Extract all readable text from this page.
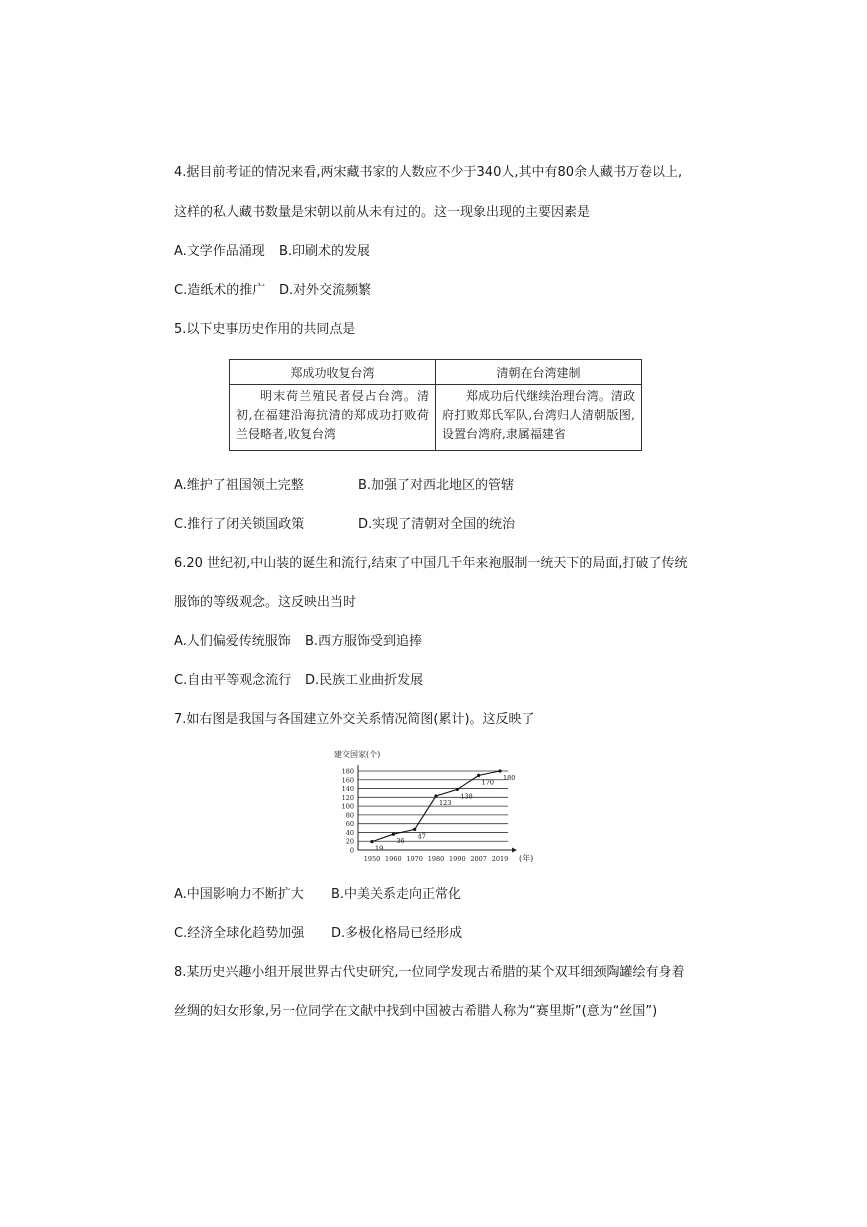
4.据目前考证的情况来看,两宋藏书家的人数应不少于340人,其中有80余人藏书万卷以上,
这样的私人藏书数量是宋朝以前从未有过的。这一现象出现的主要因素是
A.文学作品涌现 B.印刷术的发展
C.造纸术的推广 D.对外交流频繁
5.以下史事历史作用的共同点是
郑成功收复台湾	清朝在台湾建制
明末荷兰殖民者侵占台湾。清初,在福建沿海抗清的郑成功打败荷兰侵略者,收复台湾	郑成功后代继续治理台湾。清政府打败郑氏军队,台湾归人清朝版图,设置台湾府,隶属福建省
A.维护了祖国领土完整	B.加强了对西北地区的管辖
C.推行了闭关锁国政策	D.实现了清朝对全国的统治
6.20 世纪初,中山装的诞生和流行,结束了中国几千年来袍服制一统天下的局面,打破了传统
服饰的等级观念。这反映出当时
A.人们偏爱传统服饰 B.西方服饰受到追捧
C.自由平等观念流行 D.民族工业曲折发展
7.如右图是我国与各国建立外交关系情况简图(累计)。这反映了
建交国家(个)
0
20
40
60
80
100
120
140
160
180
1950 1960 1970 1980 1990 2007 2019 (年)
19
36
47
123
138
170
180
A.中国影响力不断扩大 B.中美关系走向正常化
C.经济全球化趋势加强 D.多极化格局已经形成
8.某历史兴趣小组开展世界古代史研究,一位同学发现古希腊的某个双耳细颈陶罐绘有身着
丝绸的妇女形象,另一位同学在文献中找到中国被古希腊人称为“赛里斯”(意为“丝国”)
